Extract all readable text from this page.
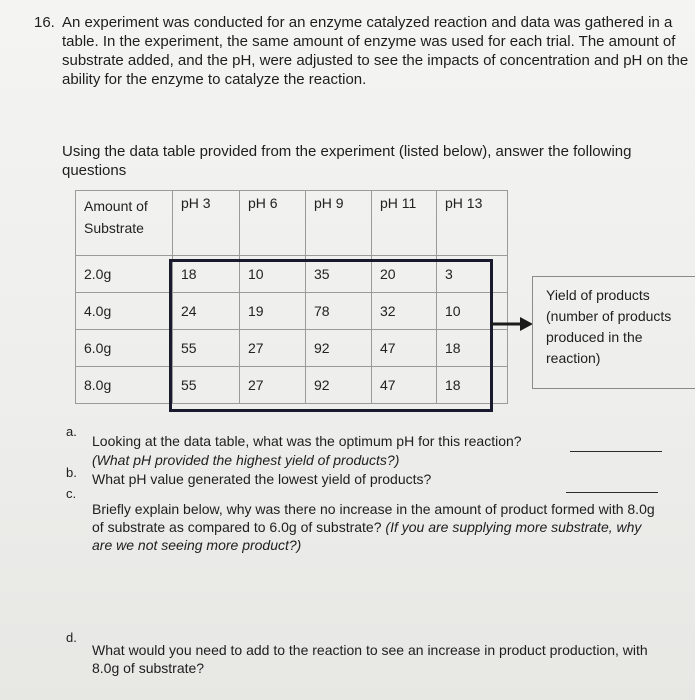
16. An experiment was conducted for an enzyme catalyzed reaction and data was gathered in a
table. In the experiment, the same amount of enzyme was used for each trial. The amount of
substrate added, and the pH, were adjusted to see the impacts of concentration and pH on the
ability for the enzyme to catalyze the reaction.
Using the data table provided from the experiment (listed below), answer the following
questions
Amount of
Substrate	pH 3	pH 6	pH 9	pH 11	pH 13
2.0g	18	10	35	20	3
4.0g	24	19	78	32	10
6.0g	55	27	92	47	18
8.0g	55	27	92	47	18
Yield of products
(number of products
produced in the
reaction)
a.
Looking at the data table, what was the optimum pH for this reaction?
(What pH provided the highest yield of products?)
b. What pH value generated the lowest yield of products?
c.
Briefly explain below, why was there no increase in the amount of product formed with 8.0g
of substrate as compared to 6.0g of substrate? (If you are supplying more substrate, why
are we not seeing more product?)
d.
What would you need to add to the reaction to see an increase in product production, with
8.0g of substrate?
